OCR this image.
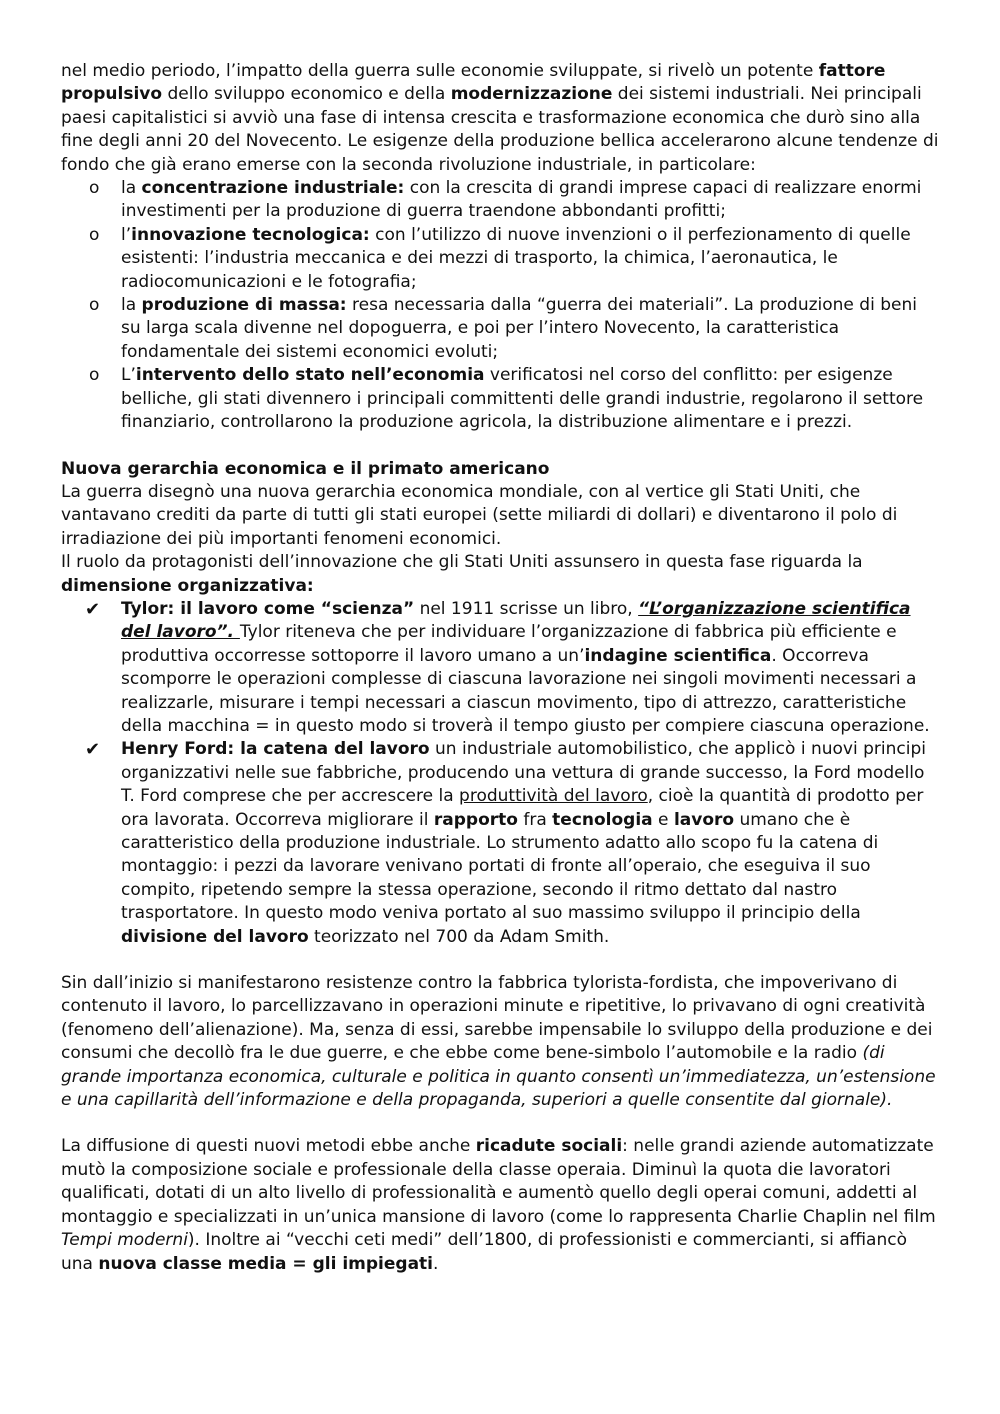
nel medio periodo, l’impatto della guerra sulle economie sviluppate, si rivelò un potente fattore propulsivo dello sviluppo economico e della modernizzazione dei sistemi industriali. Nei principali paesi capitalistici si avviò una fase di intensa crescita e trasformazione economica che durò sino alla fine degli anni 20 del Novecento. Le esigenze della produzione bellica accelerarono alcune tendenze di fondo che già erano emerse con la seconda rivoluzione industriale, in particolare:

o la concentrazione industriale: con la crescita di grandi imprese capaci di realizzare enormi investimenti per la produzione di guerra traendone abbondanti profitti;
o l’innovazione tecnologica: con l’utilizzo di nuove invenzioni o il perfezionamento di quelle esistenti: l’industria meccanica e dei mezzi di trasporto, la chimica, l’aeronautica, le radiocomunicazioni e le fotografia;
o la produzione di massa: resa necessaria dalla “guerra dei materiali”. La produzione di beni su larga scala divenne nel dopoguerra, e poi per l’intero Novecento, la caratteristica fondamentale dei sistemi economici evoluti;
o L’intervento dello stato nell’economia verificatosi nel corso del conflitto: per esigenze belliche, gli stati divennero i principali committenti delle grandi industrie, regolarono il settore finanziario, controllarono la produzione agricola, la distribuzione alimentare e i prezzi.

Nuova gerarchia economica e il primato americano

La guerra disegnò una nuova gerarchia economica mondiale, con al vertice gli Stati Uniti, che vantavano crediti da parte di tutti gli stati europei (sette miliardi di dollari) e diventarono il polo di irradiazione dei più importanti fenomeni economici.

Il ruolo da protagonisti dell’innovazione che gli Stati Uniti assunsero in questa fase riguarda la dimensione organizzativa:

✔ Tylor: il lavoro come “scienza” nel 1911 scrisse un libro, “L’organizzazione scientifica del lavoro”. Tylor riteneva che per individuare l’organizzazione di fabbrica più efficiente e produttiva occorresse sottoporre il lavoro umano a un’indagine scientifica. Occorreva scomporre le operazioni complesse di ciascuna lavorazione nei singoli movimenti necessari a realizzarle, misurare i tempi necessari a ciascun movimento, tipo di attrezzo, caratteristiche della macchina = in questo modo si troverà il tempo giusto per compiere ciascuna operazione.
✔ Henry Ford: la catena del lavoro un industriale automobilistico, che applicò i nuovi principi organizzativi nelle sue fabbriche, producendo una vettura di grande successo, la Ford modello T. Ford comprese che per accrescere la produttività del lavoro, cioè la quantità di prodotto per ora lavorata. Occorreva migliorare il rapporto fra tecnologia e lavoro umano che è caratteristico della produzione industriale. Lo strumento adatto allo scopo fu la catena di montaggio: i pezzi da lavorare venivano portati di fronte all’operaio, che eseguiva il suo compito, ripetendo sempre la stessa operazione, secondo il ritmo dettato dal nastro trasportatore. In questo modo veniva portato al suo massimo sviluppo il principio della divisione del lavoro teorizzato nel 700 da Adam Smith.

Sin dall’inizio si manifestarono resistenze contro la fabbrica tylorista-fordista, che impoverivano di contenuto il lavoro, lo parcellizzavano in operazioni minute e ripetitive, lo privavano di ogni creatività (fenomeno dell’alienazione). Ma, senza di essi, sarebbe impensabile lo sviluppo della produzione e dei consumi che decollò fra le due guerre, e che ebbe come bene-simbolo l’automobile e la radio (di grande importanza economica, culturale e politica in quanto consentì un’immediatezza, un’estensione e una capillarità dell’informazione e della propaganda, superiori a quelle consentite dal giornale).

La diffusione di questi nuovi metodi ebbe anche ricadute sociali: nelle grandi aziende automatizzate mutò la composizione sociale e professionale della classe operaia. Diminuì la quota die lavoratori qualificati, dotati di un alto livello di professionalità e aumentò quello degli operai comuni, addetti al montaggio e specializzati in un’unica mansione di lavoro (come lo rappresenta Charlie Chaplin nel film Tempi moderni). Inoltre ai “vecchi ceti medi” dell’1800, di professionisti e commercianti, si affiancò una nuova classe media = gli impiegati.
